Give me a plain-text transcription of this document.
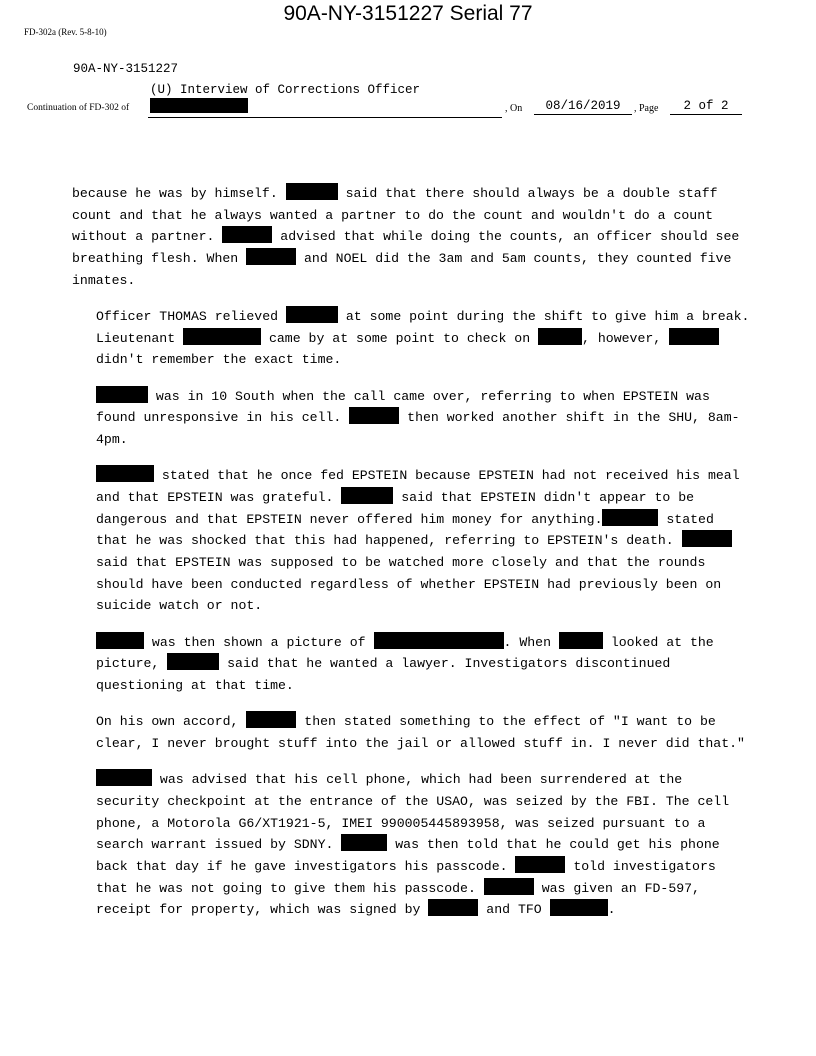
90A-NY-3151227 Serial 77
FD-302a (Rev. 5-8-10)
90A-NY-3151227
(U) Interview of Corrections Officer
Continuation of FD-302 of	, On	08/16/2019	, Page	2 of 2

because he was by himself.	said that there should always be a double staff count and that he always wanted a partner to do the count and wouldn't do a count without a partner.	advised that while doing the counts, an officer should see breathing flesh. When	and NOEL did the 3am and 5am counts, they counted five inmates.

Officer THOMAS relieved	at some point during the shift to give him a break. Lieutenant	came by at some point to check on	, however,  didn't remember the exact time.

was in 10 South when the call came over, referring to when EPSTEIN was found unresponsive in his cell.	then worked another shift in the SHU, 8am-4pm.

stated that he once fed EPSTEIN because EPSTEIN had not received his meal and that EPSTEIN was grateful.	said that EPSTEIN didn't appear to be dangerous and that EPSTEIN never offered him money for anything.	stated that he was shocked that this had happened, referring to EPSTEIN's death.  said that EPSTEIN was supposed to be watched more closely and that the rounds should have been conducted regardless of whether EPSTEIN had previously been on suicide watch or not.

was then shown a picture of	. When	looked at the picture,	said that he wanted a lawyer. Investigators discontinued questioning at that time.

On his own accord,	then stated something to the effect of "I want to be clear, I never brought stuff into the jail or allowed stuff in. I never did that."

was advised that his cell phone, which had been surrendered at the security checkpoint at the entrance of the USAO, was seized by the FBI. The cell phone, a Motorola G6/XT1921-5, IMEI 990005445893958, was seized pursuant to a search warrant issued by SDNY.	was then told that he could get his phone back that day if he gave investigators his passcode.	told investigators that he was not going to give them his passcode.	was given an FD-597, receipt for property, which was signed by	and TFO	.
